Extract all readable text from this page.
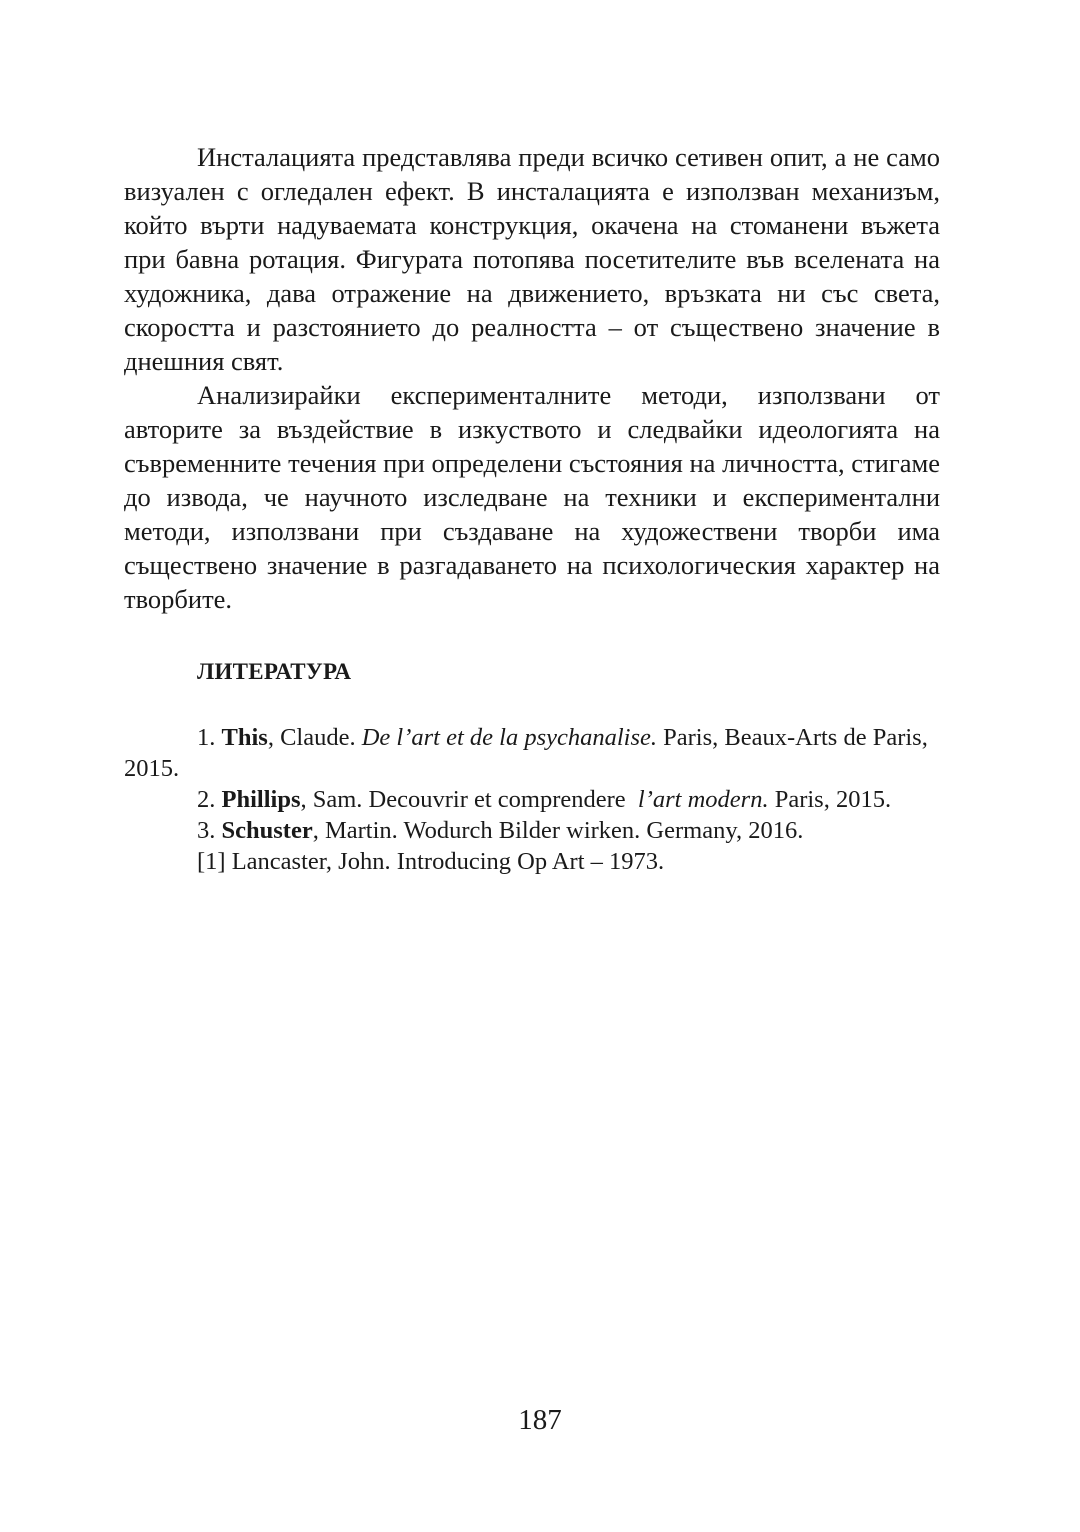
Инсталацията представлява преди всичко сетивен опит, а не само визуален с огледален ефект. В инсталацията е използван механизъм, който върти надуваемата конструкция, окачена на стоманени въжета при бавна ротация. Фигурата потопява посетителите във вселената на художника, дава отражение на движението, връзката ни със света, скоростта и разстоянието до реалността – от съществено значение в днешния свят.

Анализирайки експерименталните методи, използвани от авторите за въздействие в изкуството и следвайки идеологията на съвременните течения при определени състояния на личността, стигаме до извода, че научното изследване на техники и експериментални методи, използвани при създаване на художествени творби има съществено значение в разгадаването на психологическия характер на творбите.

ЛИТЕРАТУРА

1. This, Claude. De l’art et de la psychanalise. Paris, Beaux-Arts de Paris, 2015.

2. Phillips, Sam. Decouvrir et comprendere l’art modern. Paris, 2015.

3. Schuster, Martin. Wodurch Bilder wirken. Germany, 2016.

[1] Lancaster, John. Introducing Op Art – 1973.

187
